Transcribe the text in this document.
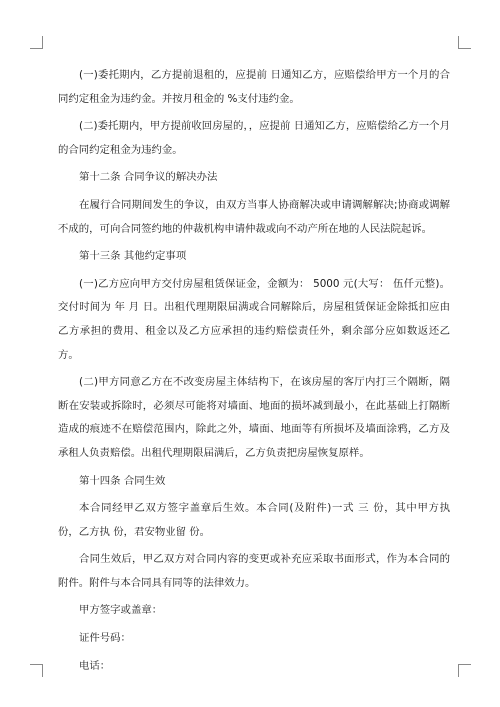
(一)委托期内，乙方提前退租的，应提前 日通知乙方，应赔偿给甲方一个月的合同约定租金为违约金。并按月租金的 %支付违约金。

(二)委托期内，甲方提前收回房屋的，，应提前 日通知乙方，应赔偿给乙方一个月的合同约定租金为违约金。

第十二条 合同争议的解决办法

在履行合同期间发生的争议，由双方当事人协商解决或申请调解解决;协商或调解不成的，可向合同签约地的仲裁机构申请仲裁或向不动产所在地的人民法院起诉。

第十三条 其他约定事项

(一)乙方应向甲方交付房屋租赁保证金，金额为： 5000 元(大写： 伍仟元整)。交付时间为 年 月 日。出租代理期限届满或合同解除后，房屋租赁保证金除抵扣应由乙方承担的费用、租金以及乙方应承担的违约赔偿责任外，剩余部分应如数返还乙方。

(二)甲方同意乙方在不改变房屋主体结构下，在该房屋的客厅内打三个隔断，隔断在安装或拆除时，必须尽可能将对墙面、地面的损坏减到最小，在此基础上打隔断造成的痕迹不在赔偿范围内，除此之外，墙面、地面等有所损坏及墙面涂鸦，乙方及承租人负责赔偿。出租代理期限届满后，乙方负责把房屋恢复原样。

第十四条 合同生效

本合同经甲乙双方签字盖章后生效。本合同(及附件)一式 三 份，其中甲方执 份，乙方执 份，君安物业留 份。

合同生效后，甲乙双方对合同内容的变更或补充应采取书面形式，作为本合同的附件。附件与本合同具有同等的法律效力。

甲方签字或盖章：

证件号码：

电话：
